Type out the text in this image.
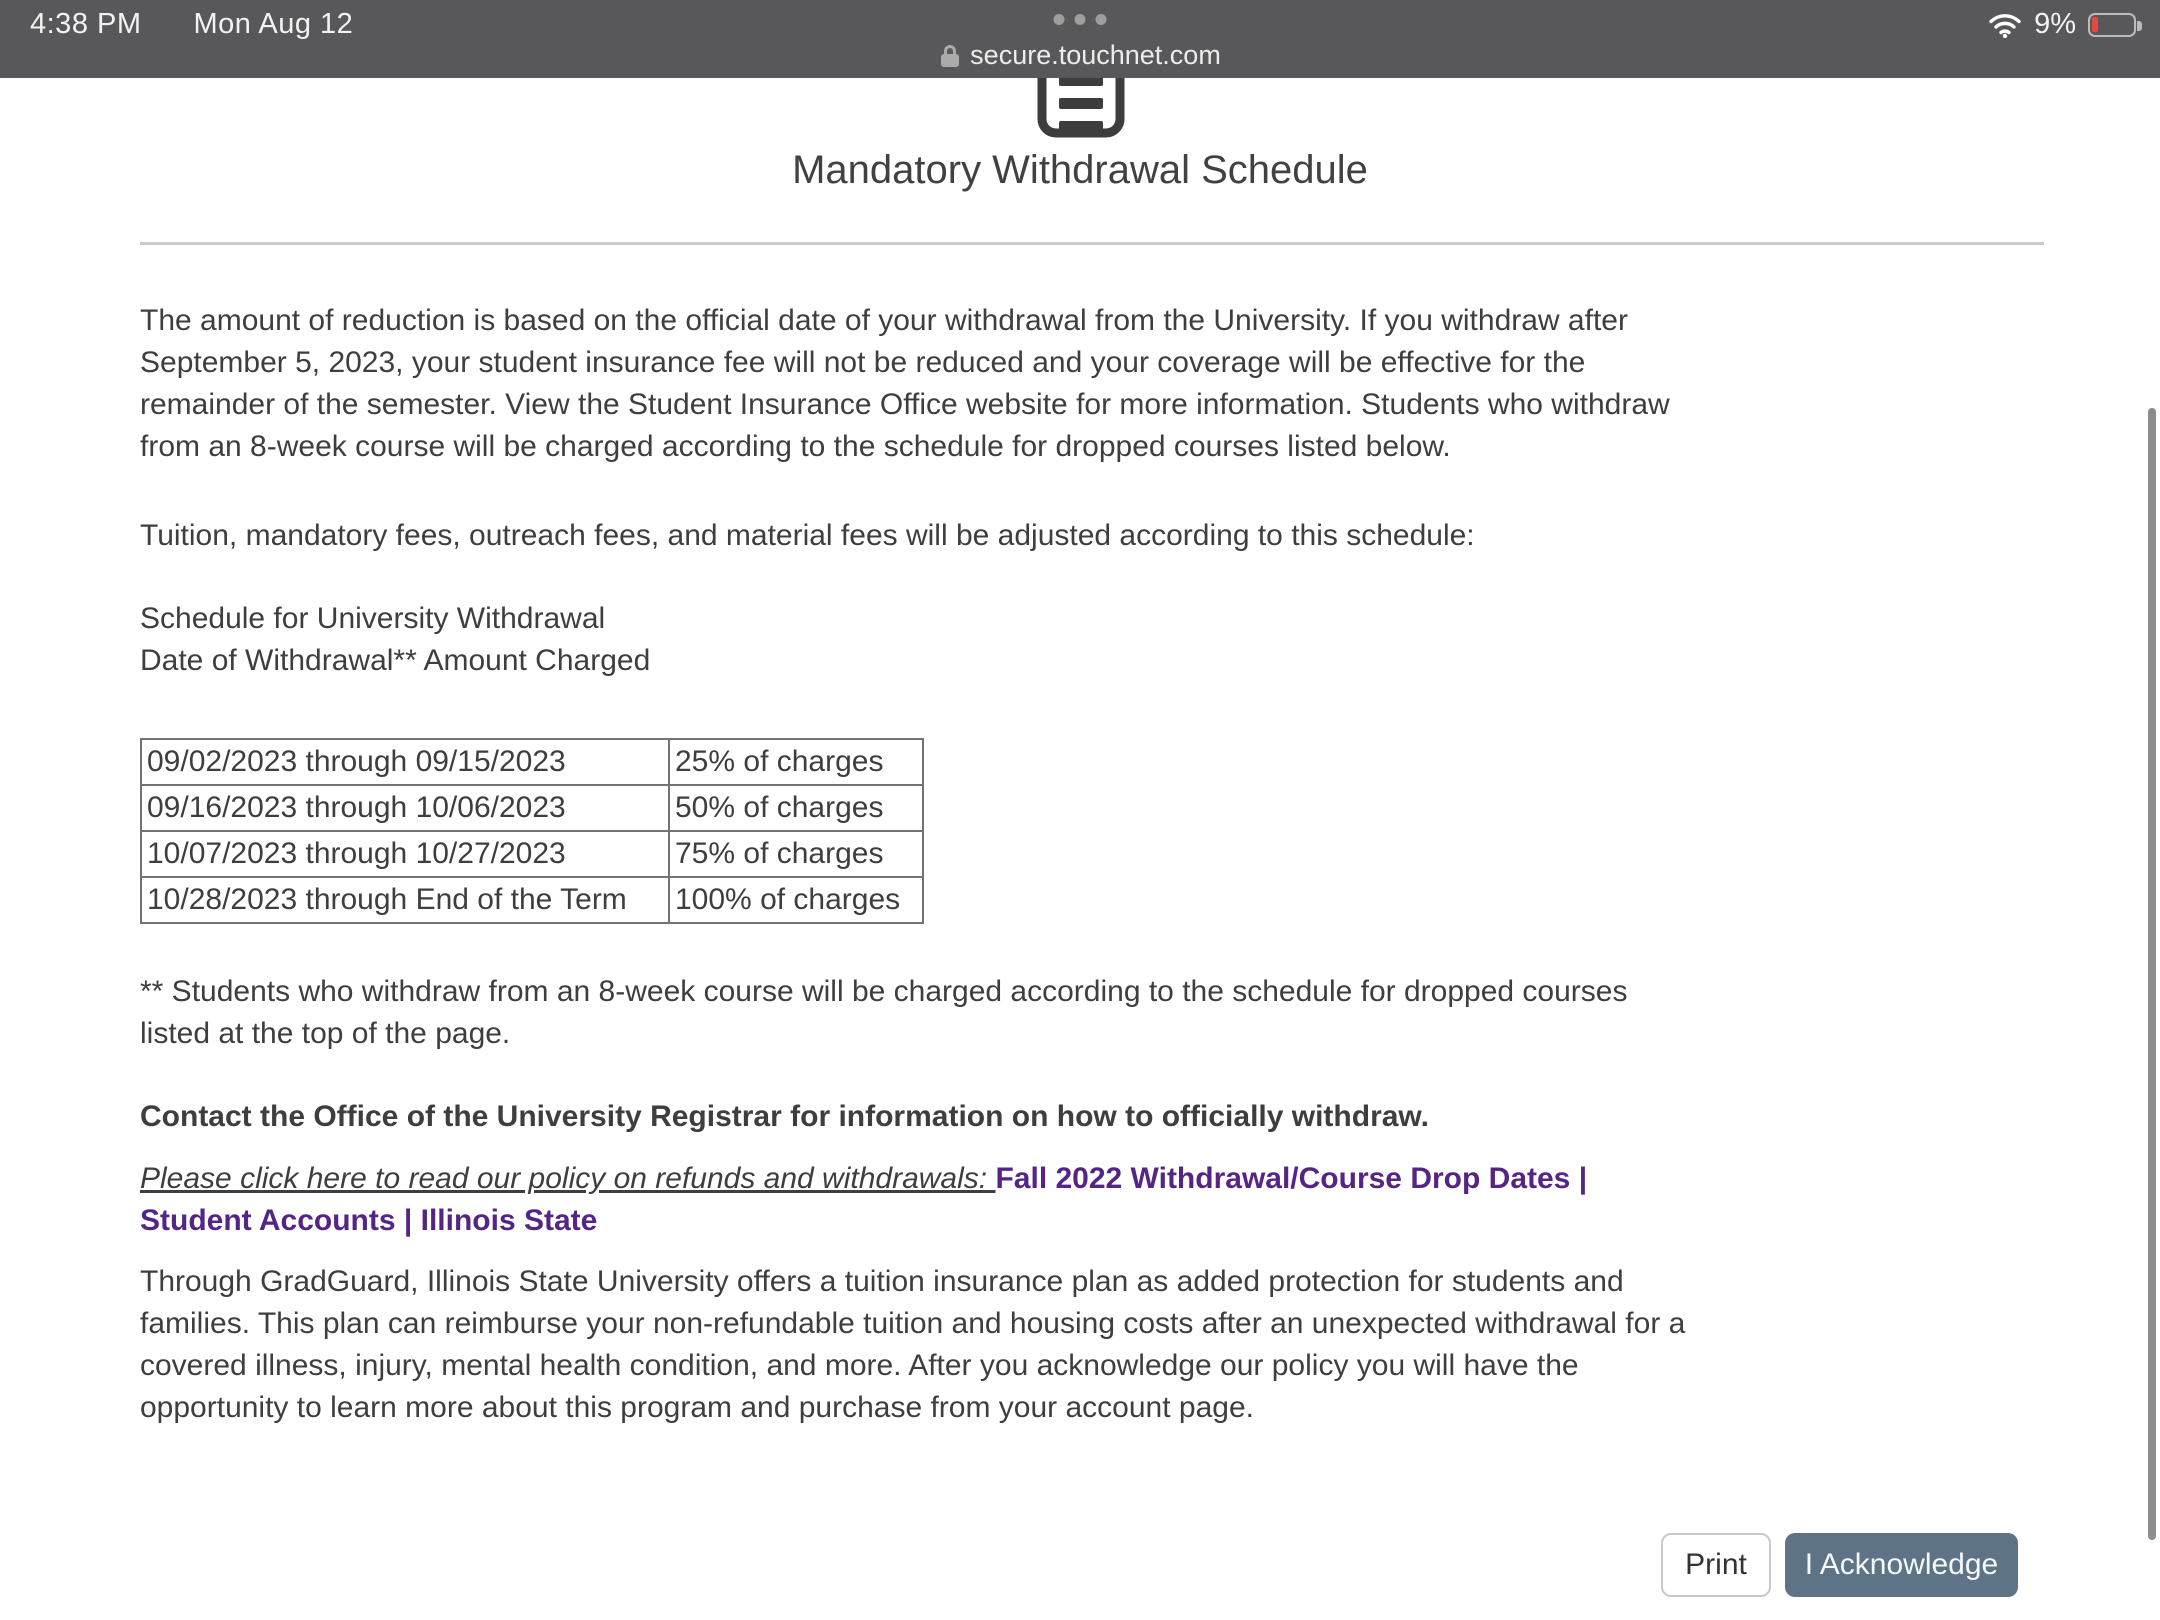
4:38 PM Mon Aug 12
secure.touchnet.com
9%
Mandatory Withdrawal Schedule

The amount of reduction is based on the official date of your withdrawal from the University. If you withdraw after September 5, 2023, your student insurance fee will not be reduced and your coverage will be effective for the remainder of the semester. View the Student Insurance Office website for more information. Students who withdraw from an 8-week course will be charged according to the schedule for dropped courses listed below.

Tuition, mandatory fees, outreach fees, and material fees will be adjusted according to this schedule:

Schedule for University Withdrawal
Date of Withdrawal** Amount Charged

09/02/2023 through 09/15/2023	25% of charges
09/16/2023 through 10/06/2023	50% of charges
10/07/2023 through 10/27/2023	75% of charges
10/28/2023 through End of the Term	100% of charges

** Students who withdraw from an 8-week course will be charged according to the schedule for dropped courses listed at the top of the page.

Contact the Office of the University Registrar for information on how to officially withdraw.

Please click here to read our policy on refunds and withdrawals: Fall 2022 Withdrawal/Course Drop Dates | Student Accounts | Illinois State

Through GradGuard, Illinois State University offers a tuition insurance plan as added protection for students and families. This plan can reimburse your non-refundable tuition and housing costs after an unexpected withdrawal for a covered illness, injury, mental health condition, and more. After you acknowledge our policy you will have the opportunity to learn more about this program and purchase from your account page.

Print	I Acknowledge
